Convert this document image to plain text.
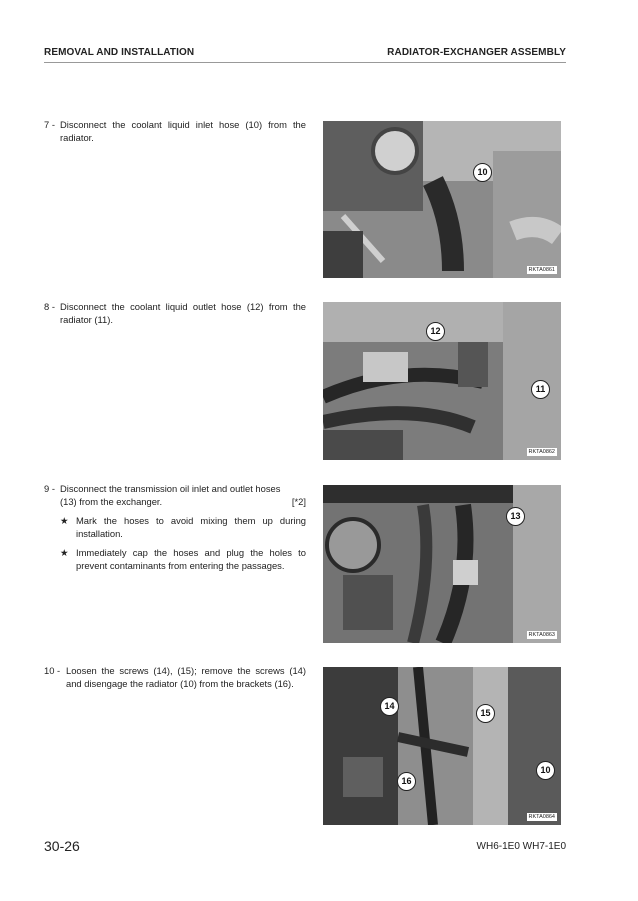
REMOVAL AND INSTALLATION	RADIATOR-EXCHANGER ASSEMBLY
7 - Disconnect the coolant liquid inlet hose (10) from the radiator.
10
RKTA0861
8 - Disconnect the coolant liquid outlet hose (12) from the radiator (11).
12
11
RKTA0862
9 - Disconnect the transmission oil inlet and outlet hoses
(13) from the exchanger.	[*2]
★ Mark the hoses to avoid mixing them up during installation.
★ Immediately cap the hoses and plug the holes to prevent contaminants from entering the passages.
13
RKTA0863
10 - Loosen the screws (14), (15); remove the screws (14) and disengage the radiator (10) from the brackets (16).
14
15
10
16
RKTA0864
30-26	WH6-1E0 WH7-1E0
